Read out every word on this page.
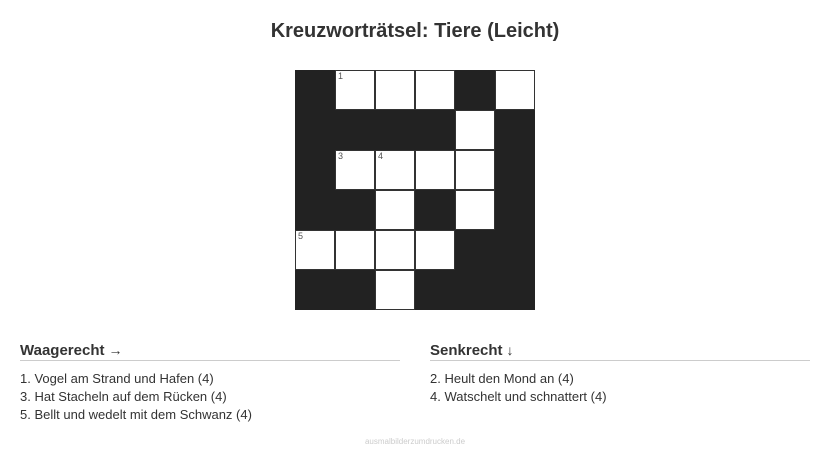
Kreuzworträtsel: Tiere (Leicht)
1
3	4
5
Waagerecht →
1. Vogel am Strand und Hafen (4)
3. Hat Stacheln auf dem Rücken (4)
5. Bellt und wedelt mit dem Schwanz (4)
Senkrecht ↓
2. Heult den Mond an (4)
4. Watschelt und schnattert (4)
ausmalbilderzumdrucken.de
